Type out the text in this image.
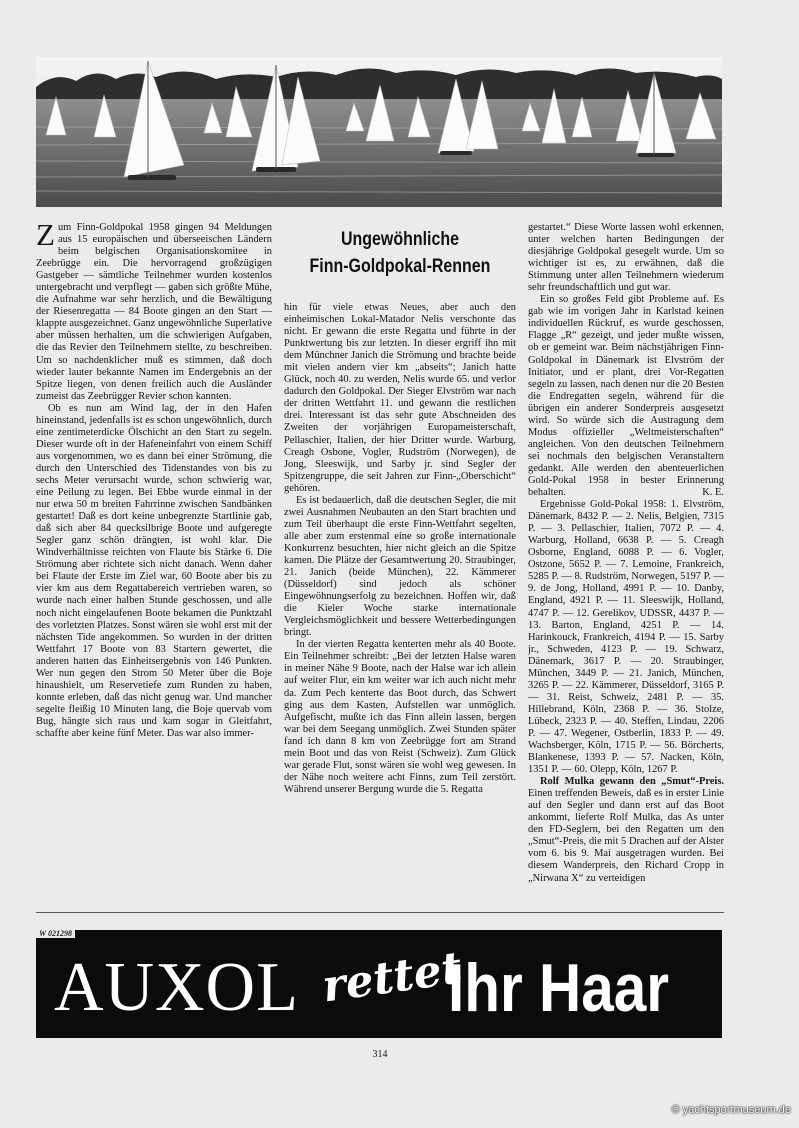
Zum Finn-Goldpokal 1958 gingen 94 Meldungen aus 15 europäischen und überseeischen Ländern beim belgischen Organisationskomitee in Zeebrügge ein. Die hervorragend großzügigen Gastgeber — sämtliche Teilnehmer wurden kostenlos untergebracht und verpflegt — gaben sich größte Mühe, die Aufnahme war sehr herzlich, und die Bewältigung der Riesenregatta — 84 Boote gingen an den Start — klappte ausgezeichnet. Ganz ungewöhnliche Superlative aber müssen herhalten, um die schwierigen Aufgaben, die das Revier den Teilnehmern stellte, zu beschreiben. Um so nachdenklicher muß es stimmen, daß doch wieder lauter bekannte Namen im Endergebnis an der Spitze liegen, von denen freilich auch die Ausländer zumeist das Zeebrügger Revier schon kannten.

Ob es nun am Wind lag, der in den Hafen hineinstand, jedenfalls ist es schon ungewöhnlich, durch eine zentimeterdicke Ölschicht an den Start zu segeln. Dieser wurde oft in der Hafeneinfahrt von einem Schiff aus vorgenommen, wo es dann bei einer Strömung, die durch den Unterschied des Tidenstandes von bis zu sechs Meter verursacht wurde, schon schwierig war, eine Peilung zu legen. Bei Ebbe wurde einmal in der nur etwa 50 m breiten Fahrrinne zwischen Sandbänken gestartet! Daß es dort keine unbegrenzte Startlinie gab, daß sich aber 84 quecksilbrige Boote und aufgeregte Segler ganz schön drängten, ist wohl klar. Die Windverhältnisse reichten von Flaute bis Stärke 6. Die Strömung aber richtete sich nicht danach. Wenn daher bei Flaute der Erste im Ziel war, 60 Boote aber bis zu vier km aus dem Regattabereich vertrieben waren, so wurde nach einer halben Stunde geschossen, und alle noch nicht eingelaufenen Boote bekamen die Punktzahl des vorletzten Platzes. Sonst wären sie wohl erst mit der nächsten Tide angekommen. So wurden in der dritten Wettfahrt 17 Boote von 83 Startern gewertet, die anderen hatten das Einheitsergebnis von 146 Punkten. Wer nun gegen den Strom 50 Meter über die Boje hinaushielt, um Reservetiefe zum Runden zu haben, konnte erleben, daß das nicht genug war. Und mancher segelte fleißig 10 Minuten lang, die Boje quervab vom Bug, hängte sich raus und kam sogar in Gleitfahrt, schaffte aber keine fünf Meter. Das war also immer-

Ungewöhnliche
Finn-Goldpokal-Rennen

hin für viele etwas Neues, aber auch den einheimischen Lokal-Matador Nelis verschonte das nicht. Er gewann die erste Regatta und führte in der Punktwertung bis zur letzten. In dieser ergriff ihn mit dem Münchner Janich die Strömung und brachte beide mit vielen andern vier km „abseits“; Janich hatte Glück, noch 40. zu werden, Nelis wurde 65. und verlor dadurch den Goldpokal. Der Sieger Elvström war nach der dritten Wettfahrt 11. und gewann die restlichen drei. Interessant ist das sehr gute Abschneiden des Zweiten der vorjährigen Europameisterschaft, Pellaschier, Italien, der hier Dritter wurde. Warburg, Creagh Osbone, Vogler, Rudström (Norwegen), de Jong, Sleeswijk, und Sarby jr. sind Segler der Spitzengruppe, die seit Jahren zur Finn-„Oberschicht“ gehören.

Es ist bedauerlich, daß die deutschen Segler, die mit zwei Ausnahmen Neubauten an den Start brachten und zum Teil überhaupt die erste Finn-Wettfahrt segelten, alle aber zum erstenmal eine so große internationale Konkurrenz besuchten, hier nicht gleich an die Spitze kamen. Die Plätze der Gesamtwertung 20. Straubinger, 21. Janich (beide München), 22. Kämmerer (Düsseldorf) sind jedoch als schöner Eingewöhnungserfolg zu bezeichnen. Hoffen wir, daß die Kieler Woche starke internationale Vergleichsmöglichkeit und bessere Wetterbedingungen bringt.

In der vierten Regatta kenterten mehr als 40 Boote. Ein Teilnehmer schreibt: „Bei der letzten Halse waren in meiner Nähe 9 Boote, nach der Halse war ich allein auf weiter Flur, ein km weiter war ich auch nicht mehr da. Zum Pech kenterte das Boot durch, das Schwert ging aus dem Kasten, Aufstellen war unmöglich. Aufgefischt, mußte ich das Finn allein lassen, bergen war bei dem Seegang unmöglich. Zwei Stunden später fand ich dann 8 km von Zeebrügge fort am Strand mein Boot und das von Reist (Schweiz). Zum Glück war gerade Flut, sonst wären sie wohl weg gewesen. In der Nähe noch weitere acht Finns, zum Teil zerstört. Während unserer Bergung wurde die 5. Regatta

gestartet.“ Diese Worte lassen wohl erkennen, unter welchen harten Bedingungen der diesjährige Goldpokal gesegelt wurde. Um so wichtiger ist es, zu erwähnen, daß die Stimmung unter allen Teilnehmern wiederum sehr freundschaftlich und gut war.

Ein so großes Feld gibt Probleme auf. Es gab wie im vorigen Jahr in Karlstad keinen individuellen Rückruf, es wurde geschossen, Flagge „R“ gezeigt, und jeder mußte wissen, ob er gemeint war. Beim nächstjährigen Finn-Goldpokal in Dänemark ist Elvström der Initiator, und er plant, drei Vor-Regatten segeln zu lassen, nach denen nur die 20 Besten die Endregatten segeln, während für die übrigen ein anderer Sonderpreis ausgesetzt wird. So würde sich die Austragung dem Modus offizieller „Weltmeisterschaften“ angleichen. Von den deutschen Teilnehmern sei nochmals den belgischen Veranstaltern gedankt. Alle werden den abenteuerlichen Gold-Pokal 1958 in bester Erinnerung behalten.	K. E.

Ergebnisse Gold-Pokal 1958: 1. Elvström, Dänemark, 8432 P. — 2. Nelis, Belgien, 7315 P. — 3. Pellaschier, Italien, 7072 P. — 4. Warburg, Holland, 6638 P. — 5. Creagh Osborne, England, 6088 P. — 6. Vogler, Ostzone, 5652 P. — 7. Lemoine, Frankreich, 5285 P. — 8. Rudström, Norwegen, 5197 P. — 9. de Jong, Holland, 4991 P. — 10. Danby, England, 4921 P. — 11. Sleeswijk, Holland, 4747 P. — 12. Gerelikov, UDSSR, 4437 P. — 13. Barton, England, 4251 P. — 14. Harinkouck, Frankreich, 4194 P. — 15. Sarby jr., Schweden, 4123 P. — 19. Schwarz, Dänemark, 3617 P. — 20. Straubinger, München, 3449 P. — 21. Janich, München, 3265 P. — 22. Kämmerer, Düsseldorf, 3165 P. — 31. Reist, Schweiz, 2481 P. — 35. Hillebrand, Köln, 2368 P. — 36. Stolze, Lübeck, 2323 P. — 40. Steffen, Lindau, 2206 P. — 47. Wegener, Ostberlin, 1833 P. — 49. Wachsberger, Köln, 1715 P. — 56. Börcherts, Blankenese, 1393 P. — 57. Nacken, Köln, 1351 P. — 60. Olepp, Köln, 1267 P.

Rolf Mulka gewann den „Smut“-Preis. Einen treffenden Beweis, daß es in erster Linie auf den Segler und dann erst auf das Boot ankommt, lieferte Rolf Mulka, das As unter den FD-Seglern, bei den Regatten um den „Smut“-Preis, die mit 5 Drachen auf der Alster vom 6. bis 9. Mai ausgetragen wurden. Bei diesem Wanderpreis, den Richard Cropp in „Nirwana X“ zu verteidigen

AUXOL rettet
Ihr Haar
W 021298
314
© yachtsportmuseum.de
